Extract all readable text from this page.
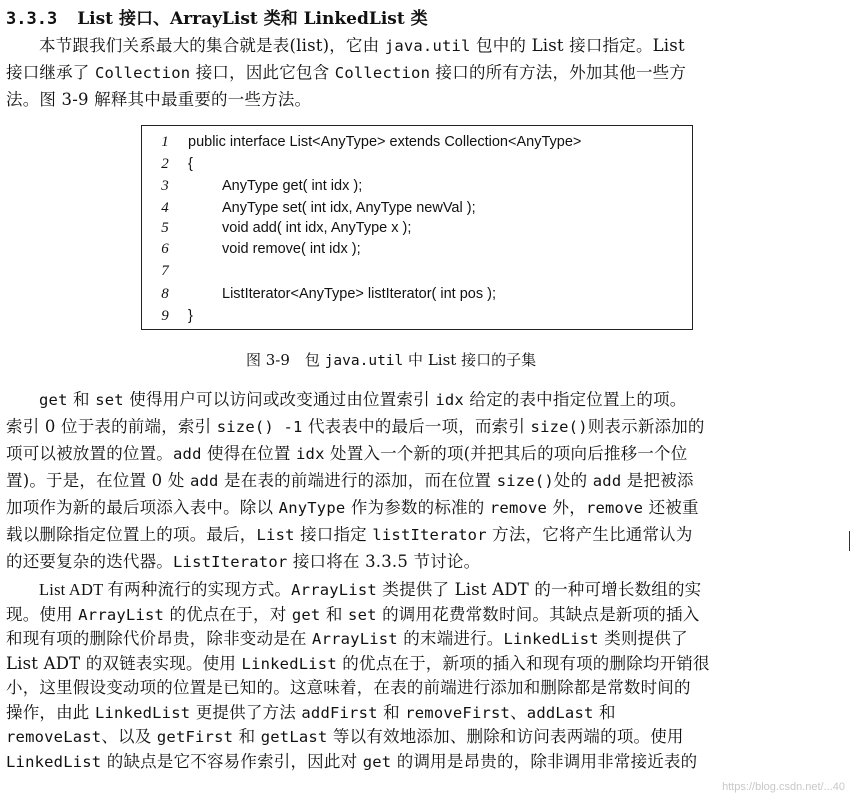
3.3.3 List 接口、ArrayList 类和 LinkedList 类
本节跟我们关系最大的集合就是表(list)，它由 java.util 包中的 List 接口指定。List
接口继承了 Collection 接口，因此它包含 Collection 接口的所有方法，外加其他一些方
法。图 3-9 解释其中最重要的一些方法。
1 public interface List<AnyType> extends Collection<AnyType>
2 {
3	AnyType get( int idx );
4	AnyType set( int idx, AnyType newVal );
5	void add( int idx, AnyType x );
6	void remove( int idx );
7
8	ListIterator<AnyType> listIterator( int pos );
9 }
图 3-9　包 java.util 中 List 接口的子集
get 和 set 使得用户可以访问或改变通过由位置索引 idx 给定的表中指定位置上的项。
索引 0 位于表的前端，索引 size() -1 代表表中的最后一项，而索引 size()则表示新添加的
项可以被放置的位置。add 使得在位置 idx 处置入一个新的项(并把其后的项向后推移一个位
置)。于是，在位置 0 处 add 是在表的前端进行的添加，而在位置 size()处的 add 是把被添
加项作为新的最后项添入表中。除以 AnyType 作为参数的标准的 remove 外，remove 还被重
载以删除指定位置上的项。最后，List 接口指定 listIterator 方法，它将产生比通常认为
的还要复杂的迭代器。ListIterator 接口将在 3.3.5 节讨论。
List ADT 有两种流行的实现方式。ArrayList 类提供了 List ADT 的一种可增长数组的实
现。使用 ArrayList 的优点在于，对 get 和 set 的调用花费常数时间。其缺点是新项的插入
和现有项的删除代价昂贵，除非变动是在 ArrayList 的末端进行。LinkedList 类则提供了
List ADT 的双链表实现。使用 LinkedList 的优点在于，新项的插入和现有项的删除均开销很
小，这里假设变动项的位置是已知的。这意味着，在表的前端进行添加和删除都是常数时间的
操作，由此 LinkedList 更提供了方法 addFirst 和 removeFirst、addLast 和
removeLast、以及 getFirst 和 getLast 等以有效地添加、删除和访问表两端的项。使用
LinkedList 的缺点是它不容易作索引，因此对 get 的调用是昂贵的，除非调用非常接近表的
https://blog.csdn.net/...40
